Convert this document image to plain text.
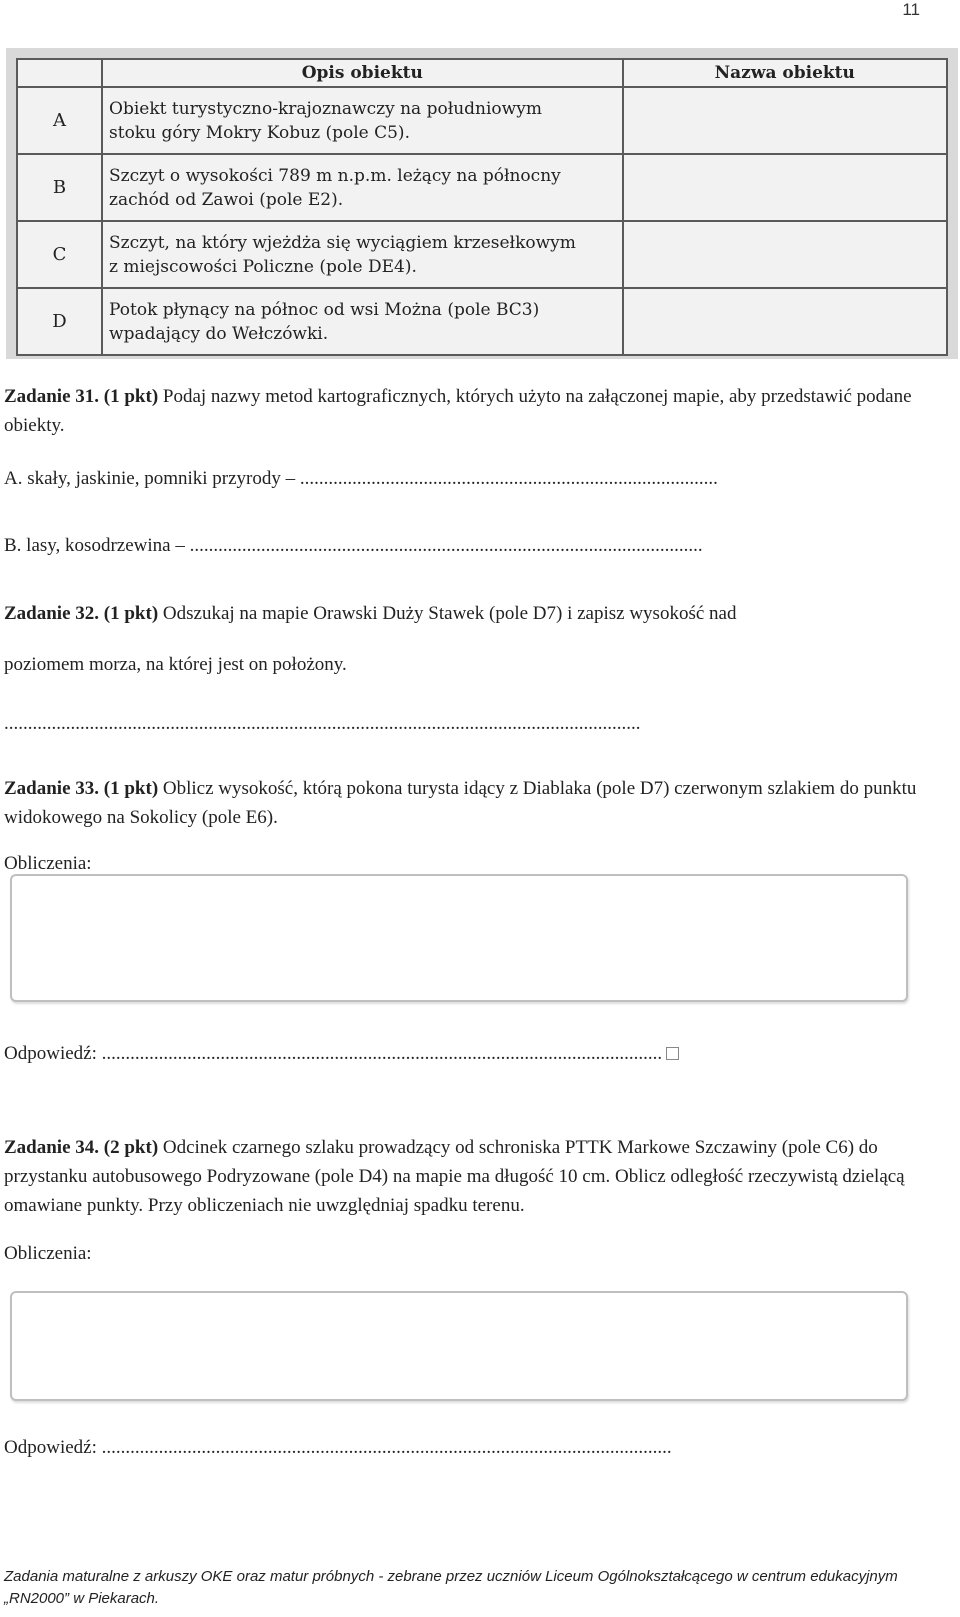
11
	Opis obiektu	Nazwa obiektu
A	Obiekt turystyczno-krajoznawczy na południowym
stoku góry Mokry Kobuz (pole C5).	
B	Szczyt o wysokości 789 m n.p.m. leżący na północny
zachód od Zawoi (pole E2).	
C	Szczyt, na który wjeżdża się wyciągiem krzesełkowym
z miejscowości Policzne (pole DE4).	
D	Potok płynący na północ od wsi Można (pole BC3)
wpadający do Wełczówki.	
Zadanie 31. (1 pkt) Podaj nazwy metod kartograficznych, których użyto na załączonej mapie, aby przedstawić podane obiekty.
A. skały, jaskinie, pomniki przyrody – ........................................................................................
B. lasy, kosodrzewina – ............................................................................................................
Zadanie 32. (1 pkt) Odszukaj na mapie Orawski Duży Stawek (pole D7) i zapisz wysokość nad
poziomem morza, na której jest on położony.
......................................................................................................................................
Zadanie 33. (1 pkt) Oblicz wysokość, którą pokona turysta idący z Diablaka (pole D7) czerwonym szlakiem do punktu widokowego na Sokolicy (pole E6).
Obliczenia:
Odpowiedź: ......................................................................................................................
Zadanie 34. (2 pkt) Odcinek czarnego szlaku prowadzący od schroniska PTTK Markowe Szczawiny (pole C6) do przystanku autobusowego Podryzowane (pole D4) na mapie ma długość 10 cm. Oblicz odległość rzeczywistą dzielącą omawiane punkty. Przy obliczeniach nie uwzględniaj spadku terenu.
Obliczenia:
Odpowiedź: ........................................................................................................................
Zadania maturalne z arkuszy OKE oraz matur próbnych - zebrane przez uczniów Liceum Ogólnokształcącego w centrum edukacyjnym „RN2000” w Piekarach.
